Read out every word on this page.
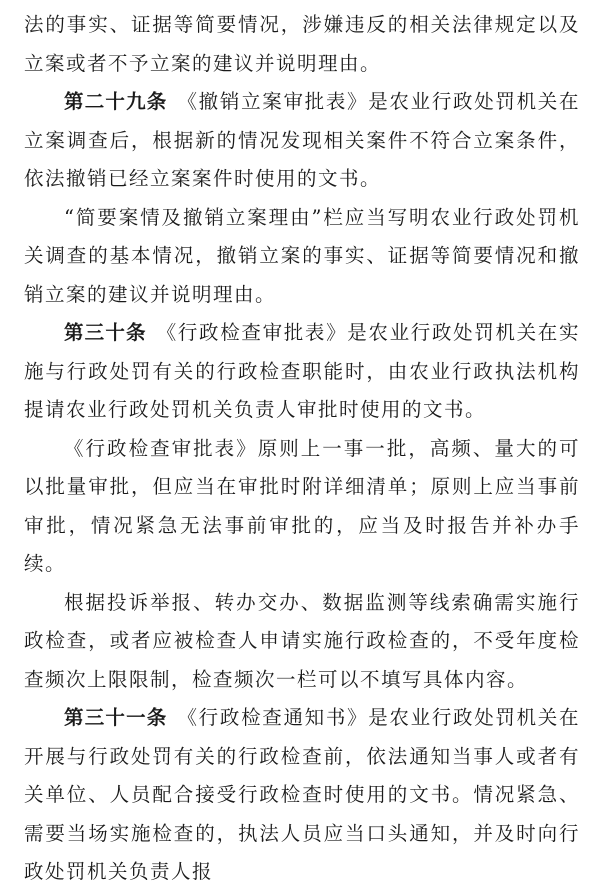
法的事实、证据等简要情况，涉嫌违反的相关法律规定以及立案或者不予立案的建议并说明理由。

第二十九条 《撤销立案审批表》是农业行政处罚机关在立案调查后，根据新的情况发现相关案件不符合立案条件，依法撤销已经立案案件时使用的文书。

“简要案情及撤销立案理由”栏应当写明农业行政处罚机关调查的基本情况，撤销立案的事实、证据等简要情况和撤销立案的建议并说明理由。

第三十条 《行政检查审批表》是农业行政处罚机关在实施与行政处罚有关的行政检查职能时，由农业行政执法机构提请农业行政处罚机关负责人审批时使用的文书。

《行政检查审批表》原则上一事一批，高频、量大的可以批量审批，但应当在审批时附详细清单；原则上应当事前审批，情况紧急无法事前审批的，应当及时报告并补办手续。

根据投诉举报、转办交办、数据监测等线索确需实施行政检查，或者应被检查人申请实施行政检查的，不受年度检查频次上限限制，检查频次一栏可以不填写具体内容。

第三十一条 《行政检查通知书》是农业行政处罚机关在开展与行政处罚有关的行政检查前，依法通知当事人或者有关单位、人员配合接受行政检查时使用的文书。情况紧急、需要当场实施检查的，执法人员应当口头通知，并及时向行政处罚机关负责人报
